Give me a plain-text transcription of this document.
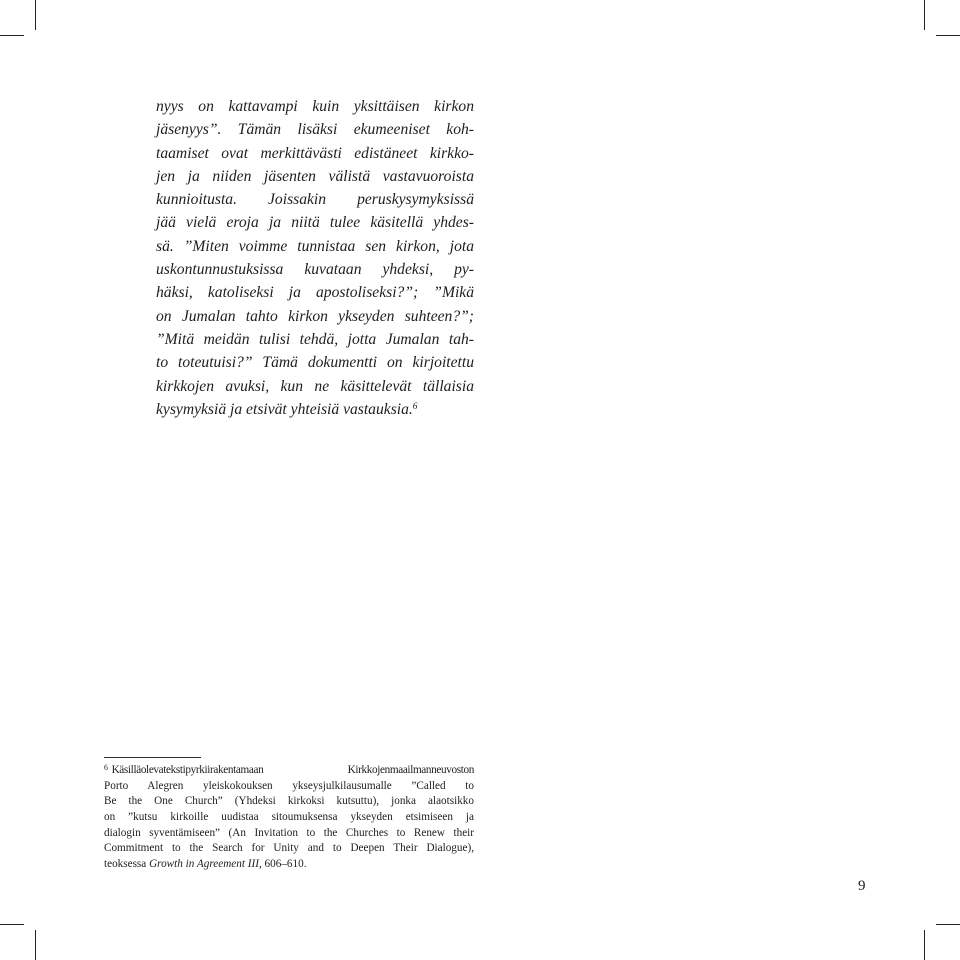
nyys on kattavampi kuin yksittäisen kirkon
jäsenyys”. Tämän lisäksi ekumeeniset koh-
taamiset ovat merkittävästi edistäneet kirkko-
jen ja niiden jäsenten välistä vastavuoroista
kunnioitusta. Joissakin peruskysymyksissä
jää vielä eroja ja niitä tulee käsitellä yhdes-
sä. ”Miten voimme tunnistaa sen kirkon, jota
uskontunnustuksissa kuvataan yhdeksi, py-
häksi, katoliseksi ja apostoliseksi?”; ”Mikä
on Jumalan tahto kirkon ykseyden suhteen?”;
”Mitä meidän tulisi tehdä, jotta Jumalan tah-
to toteutuisi?” Tämä dokumentti on kirjoitettu
kirkkojen avuksi, kun ne käsittelevät tällaisia
kysymyksiä ja etsivät yhteisiä vastauksia.$^6$
$^6$ Käsilläolevatekstipyrkiirakentamaan Kirkkojenmaailmanneuvoston
Porto Alegren yleiskokouksen ykseysjulkilausumalle ”Called to
Be the One Church” (Yhdeksi kirkoksi kutsuttu), jonka alaotsikko
on ”kutsu kirkoille uudistaa sitoumuksensa ykseyden etsimiseen ja
dialogin syventämiseen” (An Invitation to the Churches to Renew their
Commitment to the Search for Unity and to Deepen Their Dialogue),
teoksessa Growth in Agreement III, 606–610.
9
